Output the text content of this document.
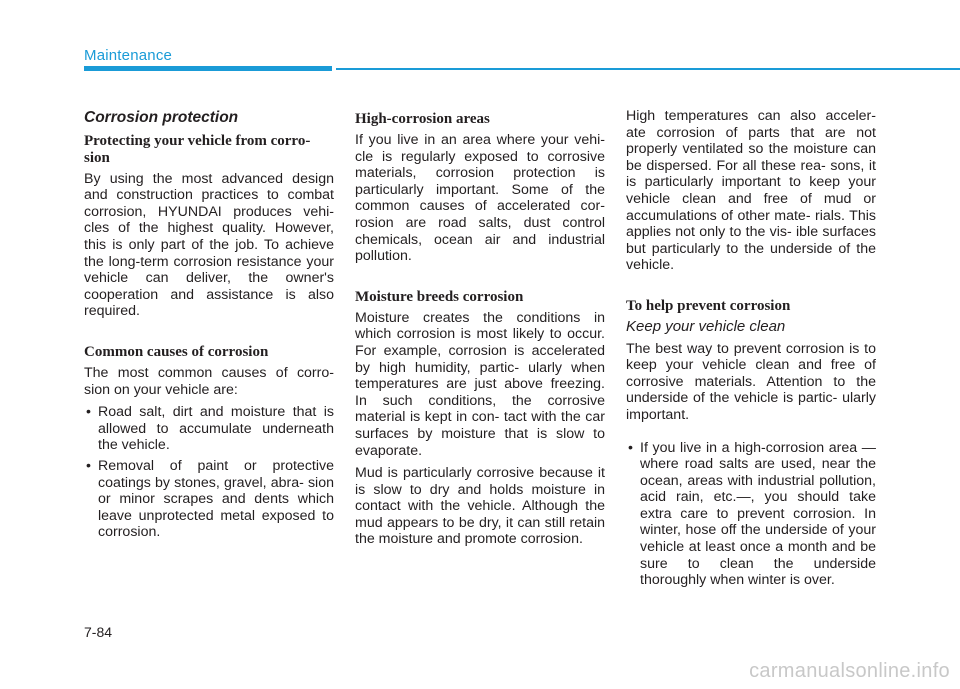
Maintenance
Corrosion protection
Protecting your vehicle from corro- sion

By using the most advanced design and construction practices to combat corrosion, HYUNDAI produces vehi- cles of the highest quality. However, this is only part of the job. To achieve the long-term corrosion resistance your vehicle can deliver, the owner's cooperation and assistance is also required.

Common causes of corrosion

The most common causes of corro- sion on your vehicle are:

• Road salt, dirt and moisture that is allowed to accumulate underneath the vehicle.
• Removal of paint or protective coatings by stones, gravel, abra- sion or minor scrapes and dents which leave unprotected metal exposed to corrosion.
High-corrosion areas

If you live in an area where your vehi- cle is regularly exposed to corrosive materials, corrosion protection is particularly important. Some of the common causes of accelerated cor- rosion are road salts, dust control chemicals, ocean air and industrial pollution.

Moisture breeds corrosion

Moisture creates the conditions in which corrosion is most likely to occur. For example, corrosion is accelerated by high humidity, partic- ularly when temperatures are just above freezing. In such conditions, the corrosive material is kept in con- tact with the car surfaces by moisture that is slow to evaporate.

Mud is particularly corrosive because it is slow to dry and holds moisture in contact with the vehicle. Although the mud appears to be dry, it can still retain the moisture and promote corrosion.

High temperatures can also acceler- ate corrosion of parts that are not properly ventilated so the moisture can be dispersed. For all these rea- sons, it is particularly important to keep your vehicle clean and free of mud or accumulations of other mate- rials. This applies not only to the vis- ible surfaces but particularly to the underside of the vehicle.

To help prevent corrosion
Keep your vehicle clean

The best way to prevent corrosion is to keep your vehicle clean and free of corrosive materials. Attention to the underside of the vehicle is partic- ularly important.

• If you live in a high-corrosion area — where road salts are used, near the ocean, areas with industrial pollution, acid rain, etc.—, you should take extra care to prevent corrosion. In winter, hose off the underside of your vehicle at least once a month and be sure to clean the underside thoroughly when winter is over.
7-84
carmanualsonline.info
